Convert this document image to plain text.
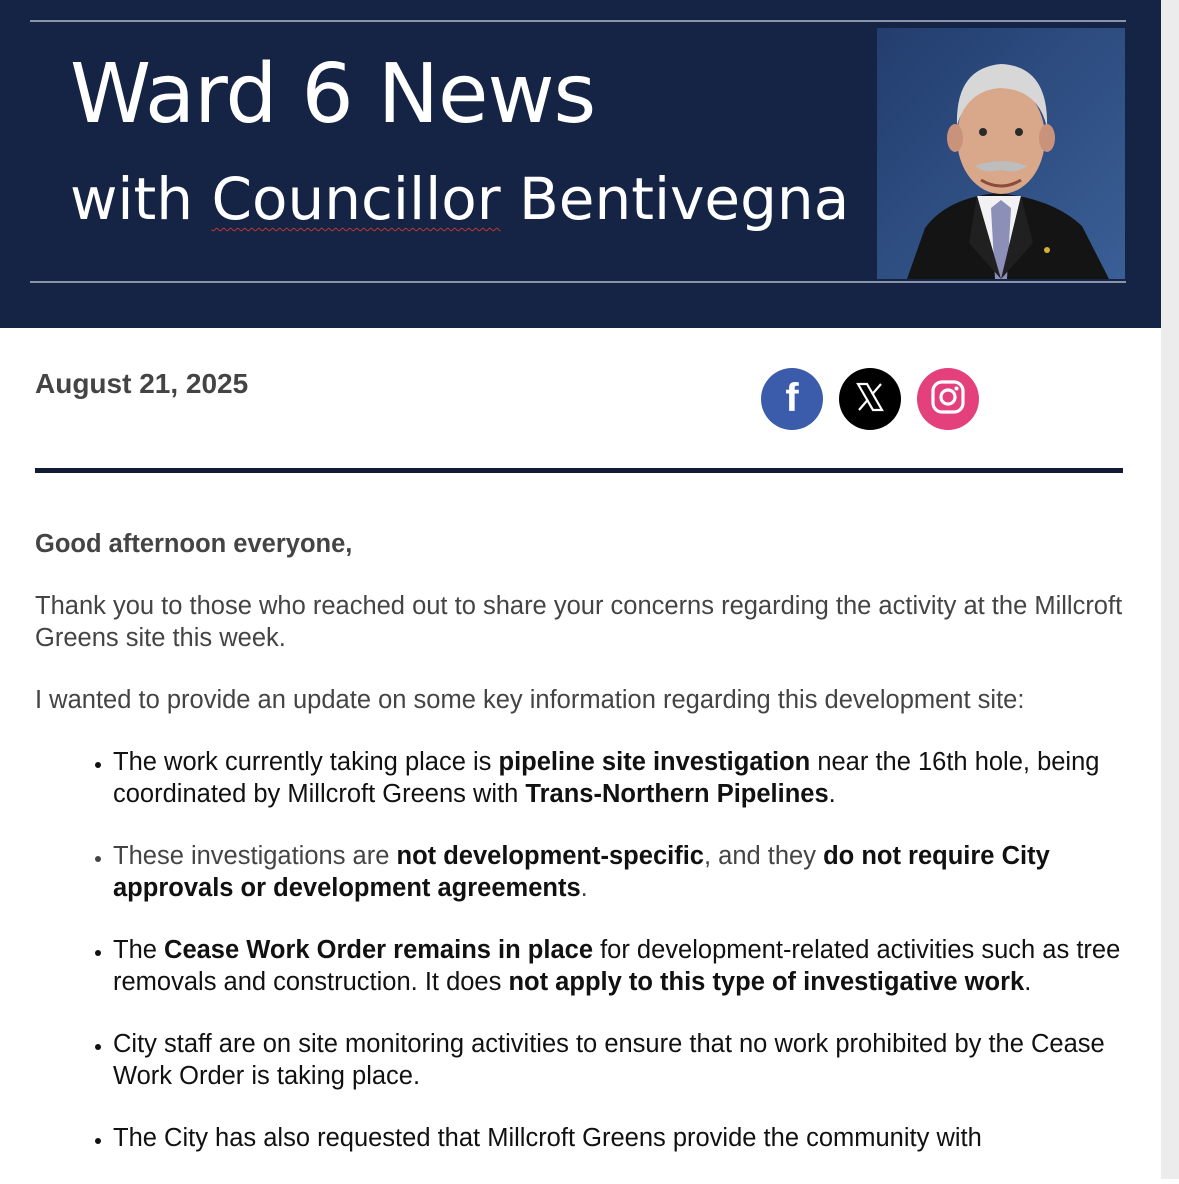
Ward 6 News
with Councillor Bentivegna
August 21, 2025	f

Good afternoon everyone,

Thank you to those who reached out to share your concerns regarding the activity at the Millcroft Greens site this week.

I wanted to provide an update on some key information regarding this development site:

• The work currently taking place is pipeline site investigation near the 16th hole, being coordinated by Millcroft Greens with Trans-Northern Pipelines.
• These investigations are not development-specific, and they do not require City approvals or development agreements.
• The Cease Work Order remains in place for development-related activities such as tree removals and construction. It does not apply to this type of investigative work.
• City staff are on site monitoring activities to ensure that no work prohibited by the Cease Work Order is taking place.
• The City has also requested that Millcroft Greens provide the community with
